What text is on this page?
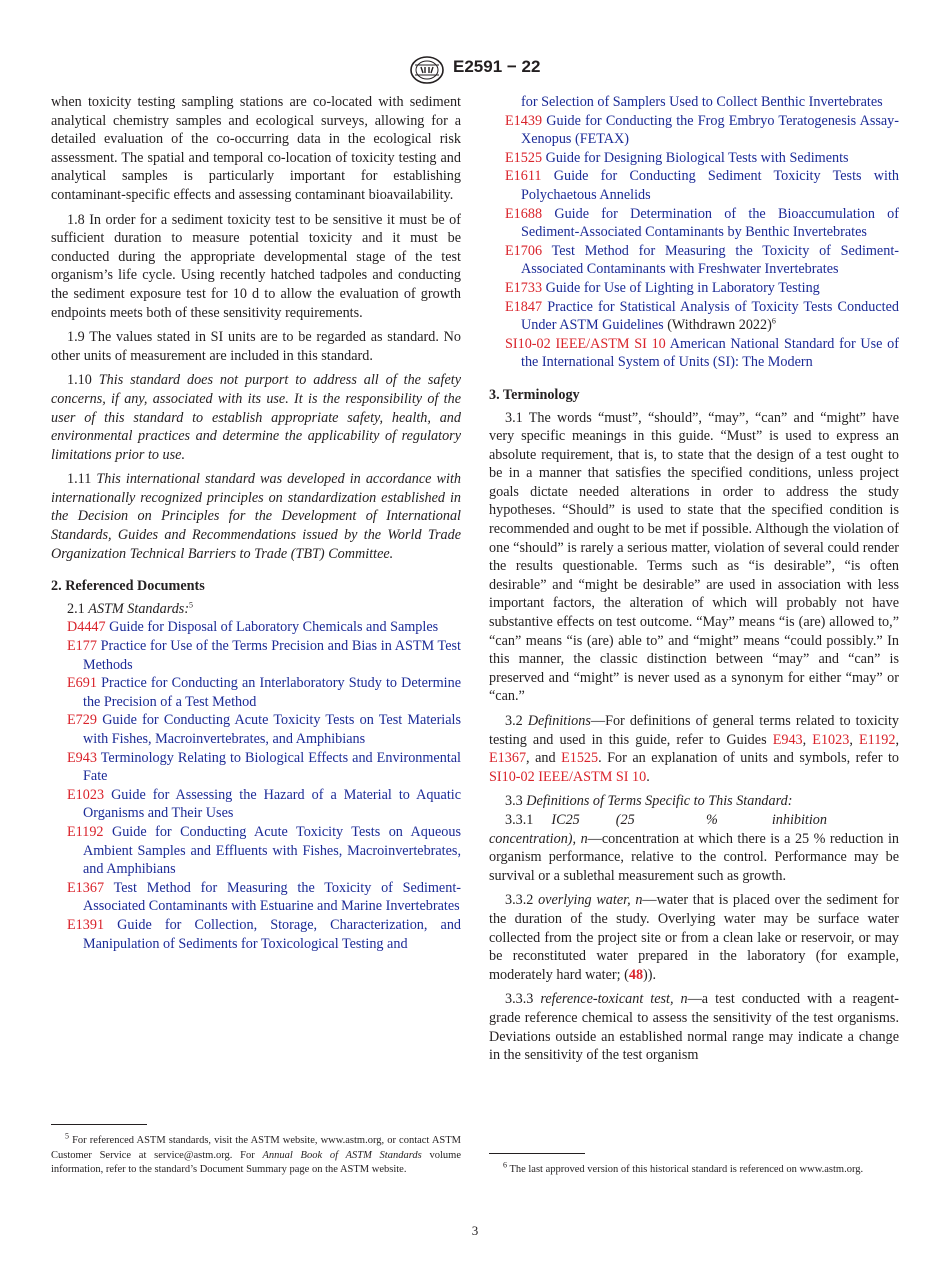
E2591 − 22

when toxicity testing sampling stations are co-located with sediment analytical chemistry samples and ecological surveys, allowing for a detailed evaluation of the co-occurring data in the ecological risk assessment. The spatial and temporal co-location of toxicity testing and analytical samples is particularly important for establishing contaminant-specific effects and assessing contaminant bioavailability.

1.8 In order for a sediment toxicity test to be sensitive it must be of sufficient duration to measure potential toxicity and it must be conducted during the appropriate developmental stage of the test organism’s life cycle. Using recently hatched tadpoles and conducting the sediment exposure test for 10 d to allow the evaluation of growth endpoints meets both of these sensitivity requirements.

1.9 The values stated in SI units are to be regarded as standard. No other units of measurement are included in this standard.

1.10 This standard does not purport to address all of the safety concerns, if any, associated with its use. It is the responsibility of the user of this standard to establish appropriate safety, health, and environmental practices and determine the applicability of regulatory limitations prior to use.

1.11 This international standard was developed in accordance with internationally recognized principles on standardization established in the Decision on Principles for the Development of International Standards, Guides and Recommendations issued by the World Trade Organization Technical Barriers to Trade (TBT) Committee.

2. Referenced Documents

2.1 ASTM Standards:$^5$

D4447 Guide for Disposal of Laboratory Chemicals and Samples

E177 Practice for Use of the Terms Precision and Bias in ASTM Test Methods

E691 Practice for Conducting an Interlaboratory Study to Determine the Precision of a Test Method

E729 Guide for Conducting Acute Toxicity Tests on Test Materials with Fishes, Macroinvertebrates, and Amphibians

E943 Terminology Relating to Biological Effects and Environmental Fate

E1023 Guide for Assessing the Hazard of a Material to Aquatic Organisms and Their Uses

E1192 Guide for Conducting Acute Toxicity Tests on Aqueous Ambient Samples and Effluents with Fishes, Macroinvertebrates, and Amphibians

E1367 Test Method for Measuring the Toxicity of Sediment-Associated Contaminants with Estuarine and Marine Invertebrates

E1391 Guide for Collection, Storage, Characterization, and Manipulation of Sediments for Toxicological Testing and

$^5$ For referenced ASTM standards, visit the ASTM website, www.astm.org, or contact ASTM Customer Service at service@astm.org. For Annual Book of ASTM Standards volume information, refer to the standard’s Document Summary page on the ASTM website.

for Selection of Samplers Used to Collect Benthic Invertebrates

E1439 Guide for Conducting the Frog Embryo Teratogenesis Assay-Xenopus (FETAX)

E1525 Guide for Designing Biological Tests with Sediments

E1611 Guide for Conducting Sediment Toxicity Tests with Polychaetous Annelids

E1688 Guide for Determination of the Bioaccumulation of Sediment-Associated Contaminants by Benthic Invertebrates

E1706 Test Method for Measuring the Toxicity of Sediment-Associated Contaminants with Freshwater Invertebrates

E1733 Guide for Use of Lighting in Laboratory Testing

E1847 Practice for Statistical Analysis of Toxicity Tests Conducted Under ASTM Guidelines (Withdrawn 2022)$^6$

SI10-02 IEEE/ASTM SI 10 American National Standard for Use of the International System of Units (SI): The Modern

3. Terminology

3.1 The words “must”, “should”, “may”, “can” and “might” have very specific meanings in this guide. “Must” is used to express an absolute requirement, that is, to state that the design of a test ought to be in a manner that satisfies the specified conditions, unless project goals dictate needed alterations in order to address the study hypotheses. “Should” is used to state that the specified condition is recommended and ought to be met if possible. Although the violation of one “should” is rarely a serious matter, violation of several could render the results questionable. Terms such as “is desirable”, “is often desirable” and “might be desirable” are used in association with less important factors, the alteration of which will probably not have substantive effects on test outcome. “May” means “is (are) allowed to,” “can” means “is (are) able to” and “might” means “could possibly.” In this manner, the classic distinction between “may” and “can” is preserved and “might” is never used as a synonym for either “may” or “can.”

3.2 Definitions—For definitions of general terms related to toxicity testing and used in this guide, refer to Guides E943, E1023, E1192, E1367, and E1525. For an explanation of units and symbols, refer to SI10-02 IEEE/ASTM SI 10.

3.3 Definitions of Terms Specific to This Standard:

3.3.1 IC25	(25 %	inhibitionconcentration), n—concentration at which there is a 25 % reduction in organism performance, relative to the control. Performance may be survival or a sublethal measurement such as growth.

3.3.2 overlying water, n—water that is placed over the sediment for the duration of the study. Overlying water may be surface water collected from the project site or from a clean lake or reservoir, or may be reconstituted water prepared in the laboratory (for example, moderately hard water; (48)).

3.3.3 reference-toxicant test, n—a test conducted with a reagent-grade reference chemical to assess the sensitivity of the test organisms. Deviations outside an established normal range may indicate a change in the sensitivity of the test organism

$^6$ The last approved version of this historical standard is referenced on www.astm.org.
3
